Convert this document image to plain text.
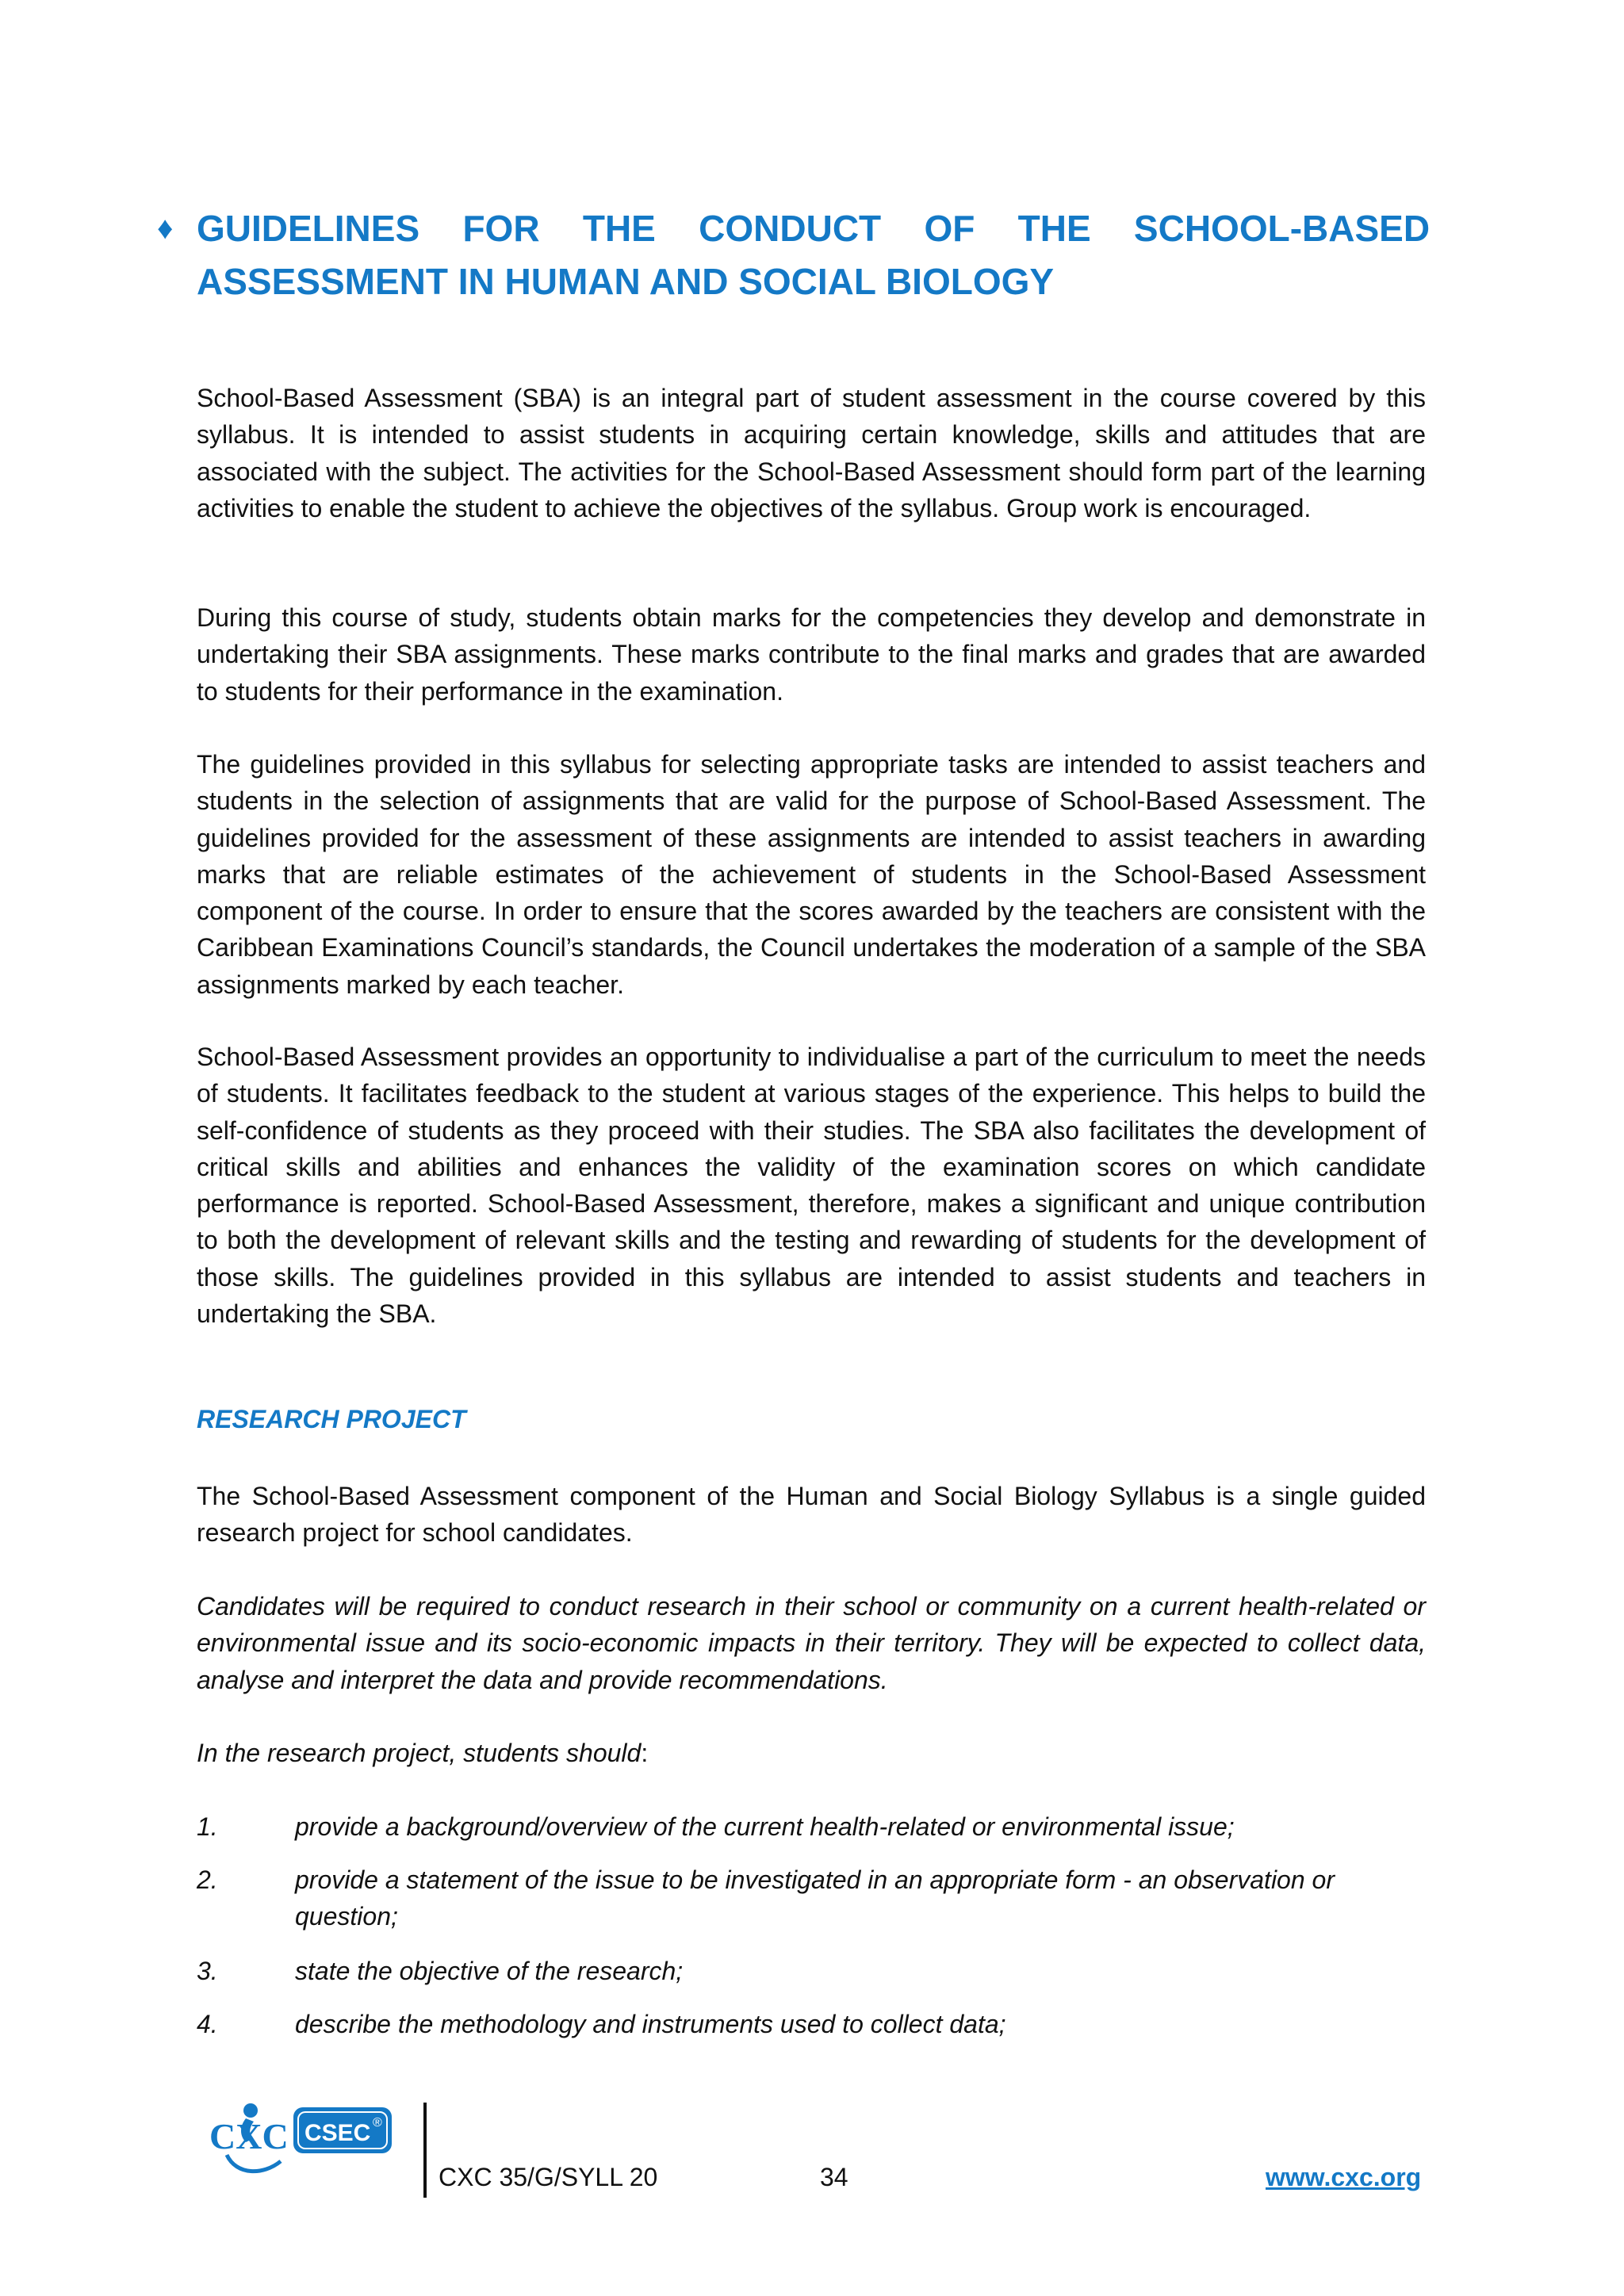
♦ GUIDELINES FOR THE CONDUCT OF THE SCHOOL-BASED
ASSESSMENT IN HUMAN AND SOCIAL BIOLOGY

School-Based Assessment (SBA) is an integral part of student assessment in the course covered by this syllabus. It is intended to assist students in acquiring certain knowledge, skills and attitudes that are associated with the subject. The activities for the School-Based Assessment should form part of the learning activities to enable the student to achieve the objectives of the syllabus. Group work is encouraged.

During this course of study, students obtain marks for the competencies they develop and demonstrate in undertaking their SBA assignments. These marks contribute to the final marks and grades that are awarded to students for their performance in the examination.

The guidelines provided in this syllabus for selecting appropriate tasks are intended to assist teachers and students in the selection of assignments that are valid for the purpose of School-Based Assessment. The guidelines provided for the assessment of these assignments are intended to assist teachers in awarding marks that are reliable estimates of the achievement of students in the School-Based Assessment component of the course. In order to ensure that the scores awarded by the teachers are consistent with the Caribbean Examinations Council’s standards, the Council undertakes the moderation of a sample of the SBA assignments marked by each teacher.

School-Based Assessment provides an opportunity to individualise a part of the curriculum to meet the needs of students. It facilitates feedback to the student at various stages of the experience. This helps to build the self-confidence of students as they proceed with their studies. The SBA also facilitates the development of critical skills and abilities and enhances the validity of the examination scores on which candidate performance is reported. School-Based Assessment, therefore, makes a significant and unique contribution to both the development of relevant skills and the testing and rewarding of students for the development of those skills. The guidelines provided in this syllabus are intended to assist students and teachers in undertaking the SBA.

RESEARCH PROJECT

The School-Based Assessment component of the Human and Social Biology Syllabus is a single guided research project for school candidates.

Candidates will be required to conduct research in their school or community on a current health-related or environmental issue and its socio-economic impacts in their territory. They will be expected to collect data, analyse and interpret the data and provide recommendations.

In the research project, students should:

1.	provide a background/overview of the current health-related or environmental issue;
2.	provide a statement of the issue to be investigated in an appropriate form - an observation or question;
3.	state the objective of the research;
4.	describe the methodology and instruments used to collect data;
CXC CSEC ®
CXC 35/G/SYLL 20	34	www.cxc.org
